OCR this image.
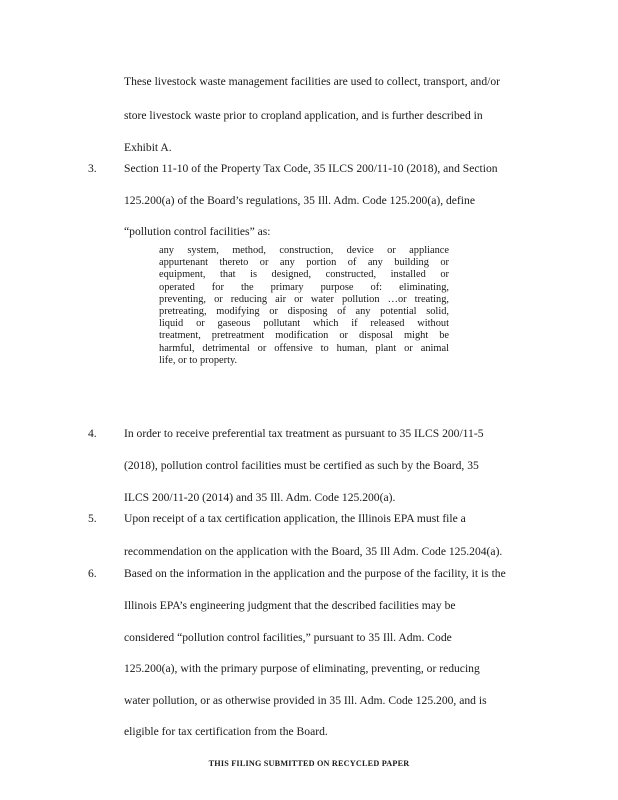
These livestock waste management facilities are used to collect, transport, and/or
store livestock waste prior to cropland application, and is further described in
Exhibit A.
3. Section 11-10 of the Property Tax Code, 35 ILCS 200/11-10 (2018), and Section
125.200(a) of the Board’s regulations, 35 Ill. Adm. Code 125.200(a), define
“pollution control facilities” as:
any system, method, construction, device or appliance
appurtenant thereto or any portion of any building or
equipment, that is designed, constructed, installed or
operated for the primary purpose of: eliminating,
preventing, or reducing air or water pollution …or treating,
pretreating, modifying or disposing of any potential solid,
liquid or gaseous pollutant which if released without
treatment, pretreatment modification or disposal might be
harmful, detrimental or offensive to human, plant or animal
life, or to property.
4. In order to receive preferential tax treatment as pursuant to 35 ILCS 200/11-5
(2018), pollution control facilities must be certified as such by the Board, 35
ILCS 200/11-20 (2014) and 35 Ill. Adm. Code 125.200(a).
5. Upon receipt of a tax certification application, the Illinois EPA must file a
recommendation on the application with the Board, 35 Ill Adm. Code 125.204(a).
6. Based on the information in the application and the purpose of the facility, it is the
Illinois EPA’s engineering judgment that the described facilities may be
considered “pollution control facilities,” pursuant to 35 Ill. Adm. Code
125.200(a), with the primary purpose of eliminating, preventing, or reducing
water pollution, or as otherwise provided in 35 Ill. Adm. Code 125.200, and is
eligible for tax certification from the Board.
THIS FILING SUBMITTED ON RECYCLED PAPER
